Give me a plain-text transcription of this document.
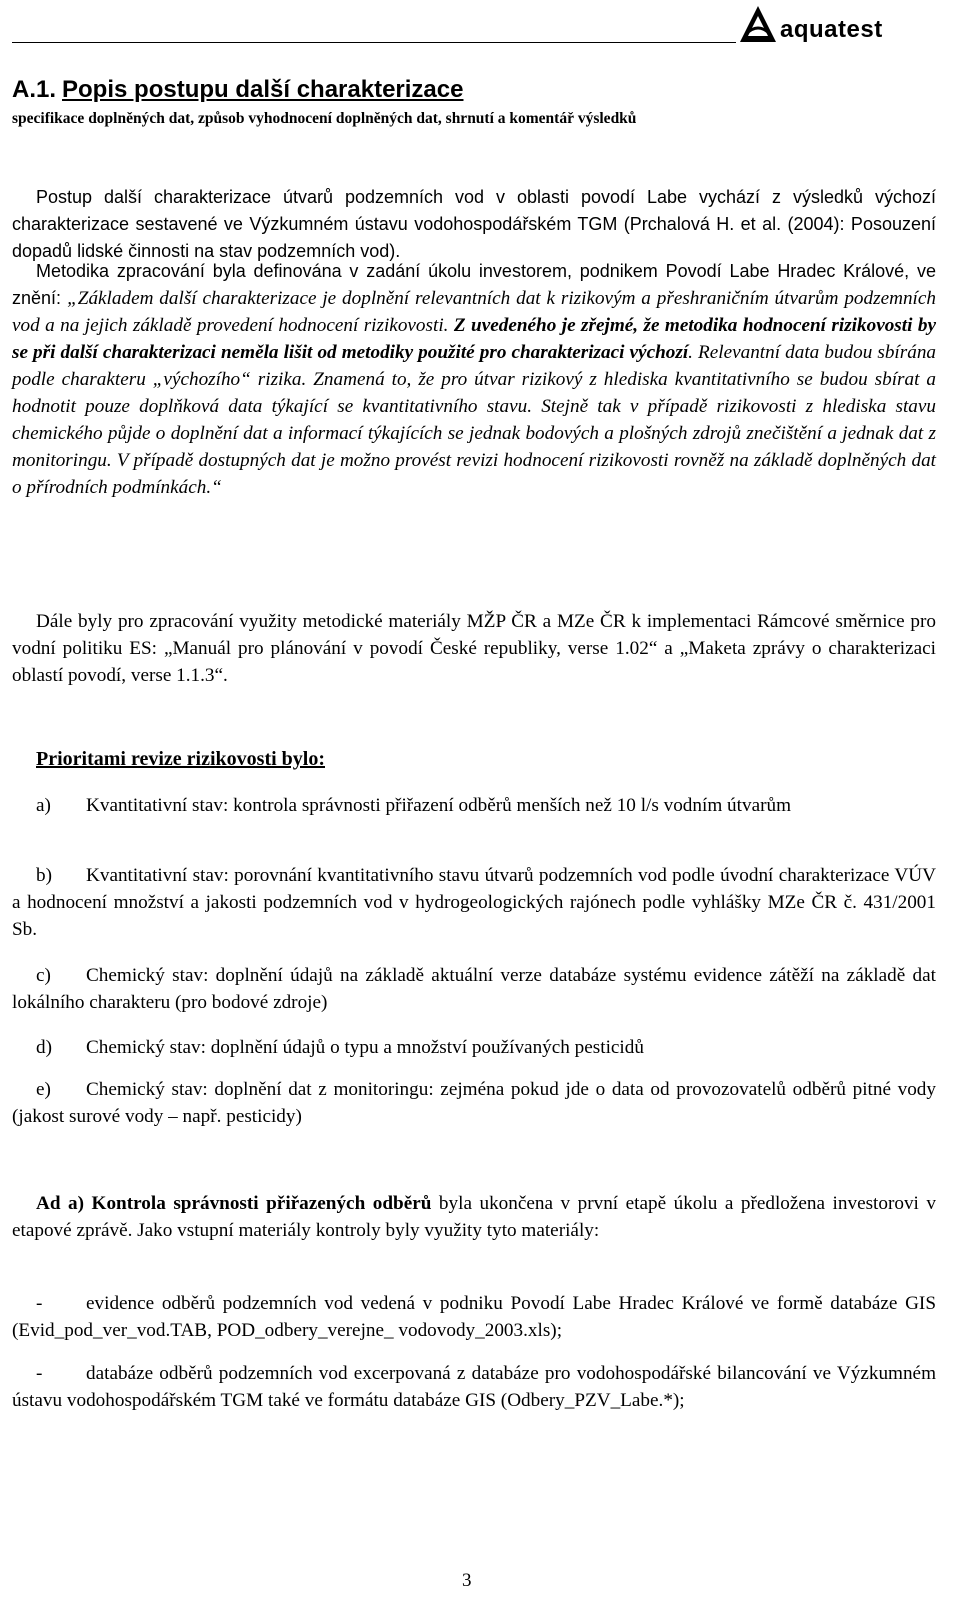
aquatest
A.1. Popis postupu další charakterizace
specifikace doplněných dat, způsob vyhodnocení doplněných dat, shrnutí a komentář výsledků

Postup další charakterizace útvarů podzemních vod v oblasti povodí Labe vychází z výsledků výchozí charakterizace sestavené ve Výzkumném ústavu vodohospodářském TGM (Prchalová H. et al. (2004): Posouzení dopadů lidské činnosti na stav podzemních vod).

Metodika zpracování byla definována v zadání úkolu investorem, podnikem Povodí Labe Hradec Králové, ve znění: „Základem další charakterizace je doplnění relevantních dat k rizikovým a přeshraničním útvarům podzemních vod a na jejich základě provedení hodnocení rizikovosti. Z uvedeného je zřejmé, že metodika hodnocení rizikovosti by se při další charakterizaci neměla lišit od metodiky použité pro charakterizaci výchozí. Relevantní data budou sbírána podle charakteru „výchozího“ rizika. Znamená to, že pro útvar rizikový z hlediska kvantitativního se budou sbírat a hodnotit pouze doplňková data týkající se kvantitativního stavu. Stejně tak v případě rizikovosti z hlediska stavu chemického půjde o doplnění dat a informací týkajících se jednak bodových a plošných zdrojů znečištění a jednak dat z monitoringu. V případě dostupných dat je možno provést revizi hodnocení rizikovosti rovněž na základě doplněných dat o přírodních podmínkách.“

Dále byly pro zpracování využity metodické materiály MŽP ČR a MZe ČR k implementaci Rámcové směrnice pro vodní politiku ES: „Manuál pro plánování v povodí České republiky, verse 1.02“ a „Maketa zprávy o charakterizaci oblastí povodí, verse 1.1.3“.

Prioritami revize rizikovosti bylo:

a) Kvantitativní stav: kontrola správnosti přiřazení odběrů menších než 10 l/s vodním útvarům

b) Kvantitativní stav: porovnání kvantitativního stavu útvarů podzemních vod podle úvodní charakterizace VÚV a hodnocení množství a jakosti podzemních vod v hydrogeologických rajónech podle vyhlášky MZe ČR č. 431/2001 Sb.

c) Chemický stav: doplnění údajů na základě aktuální verze databáze systému evidence zátěží na základě dat lokálního charakteru (pro bodové zdroje)

d) Chemický stav: doplnění údajů o typu a množství používaných pesticidů

e) Chemický stav: doplnění dat z monitoringu: zejména pokud jde o data od provozovatelů odběrů pitné vody (jakost surové vody – např. pesticidy)

Ad a) Kontrola správnosti přiřazených odběrů byla ukončena v první etapě úkolu a předložena investorovi v etapové zprávě. Jako vstupní materiály kontroly byly využity tyto materiály:

- evidence odběrů podzemních vod vedená v podniku Povodí Labe Hradec Králové ve formě databáze GIS (Evid_pod_ver_vod.TAB, POD_odbery_verejne_ vodovody_2003.xls);

- databáze odběrů podzemních vod excerpovaná z databáze pro vodohospodářské bilancování ve Výzkumném ústavu vodohospodářském TGM také ve formátu databáze GIS (Odbery_PZV_Labe.*);

3
